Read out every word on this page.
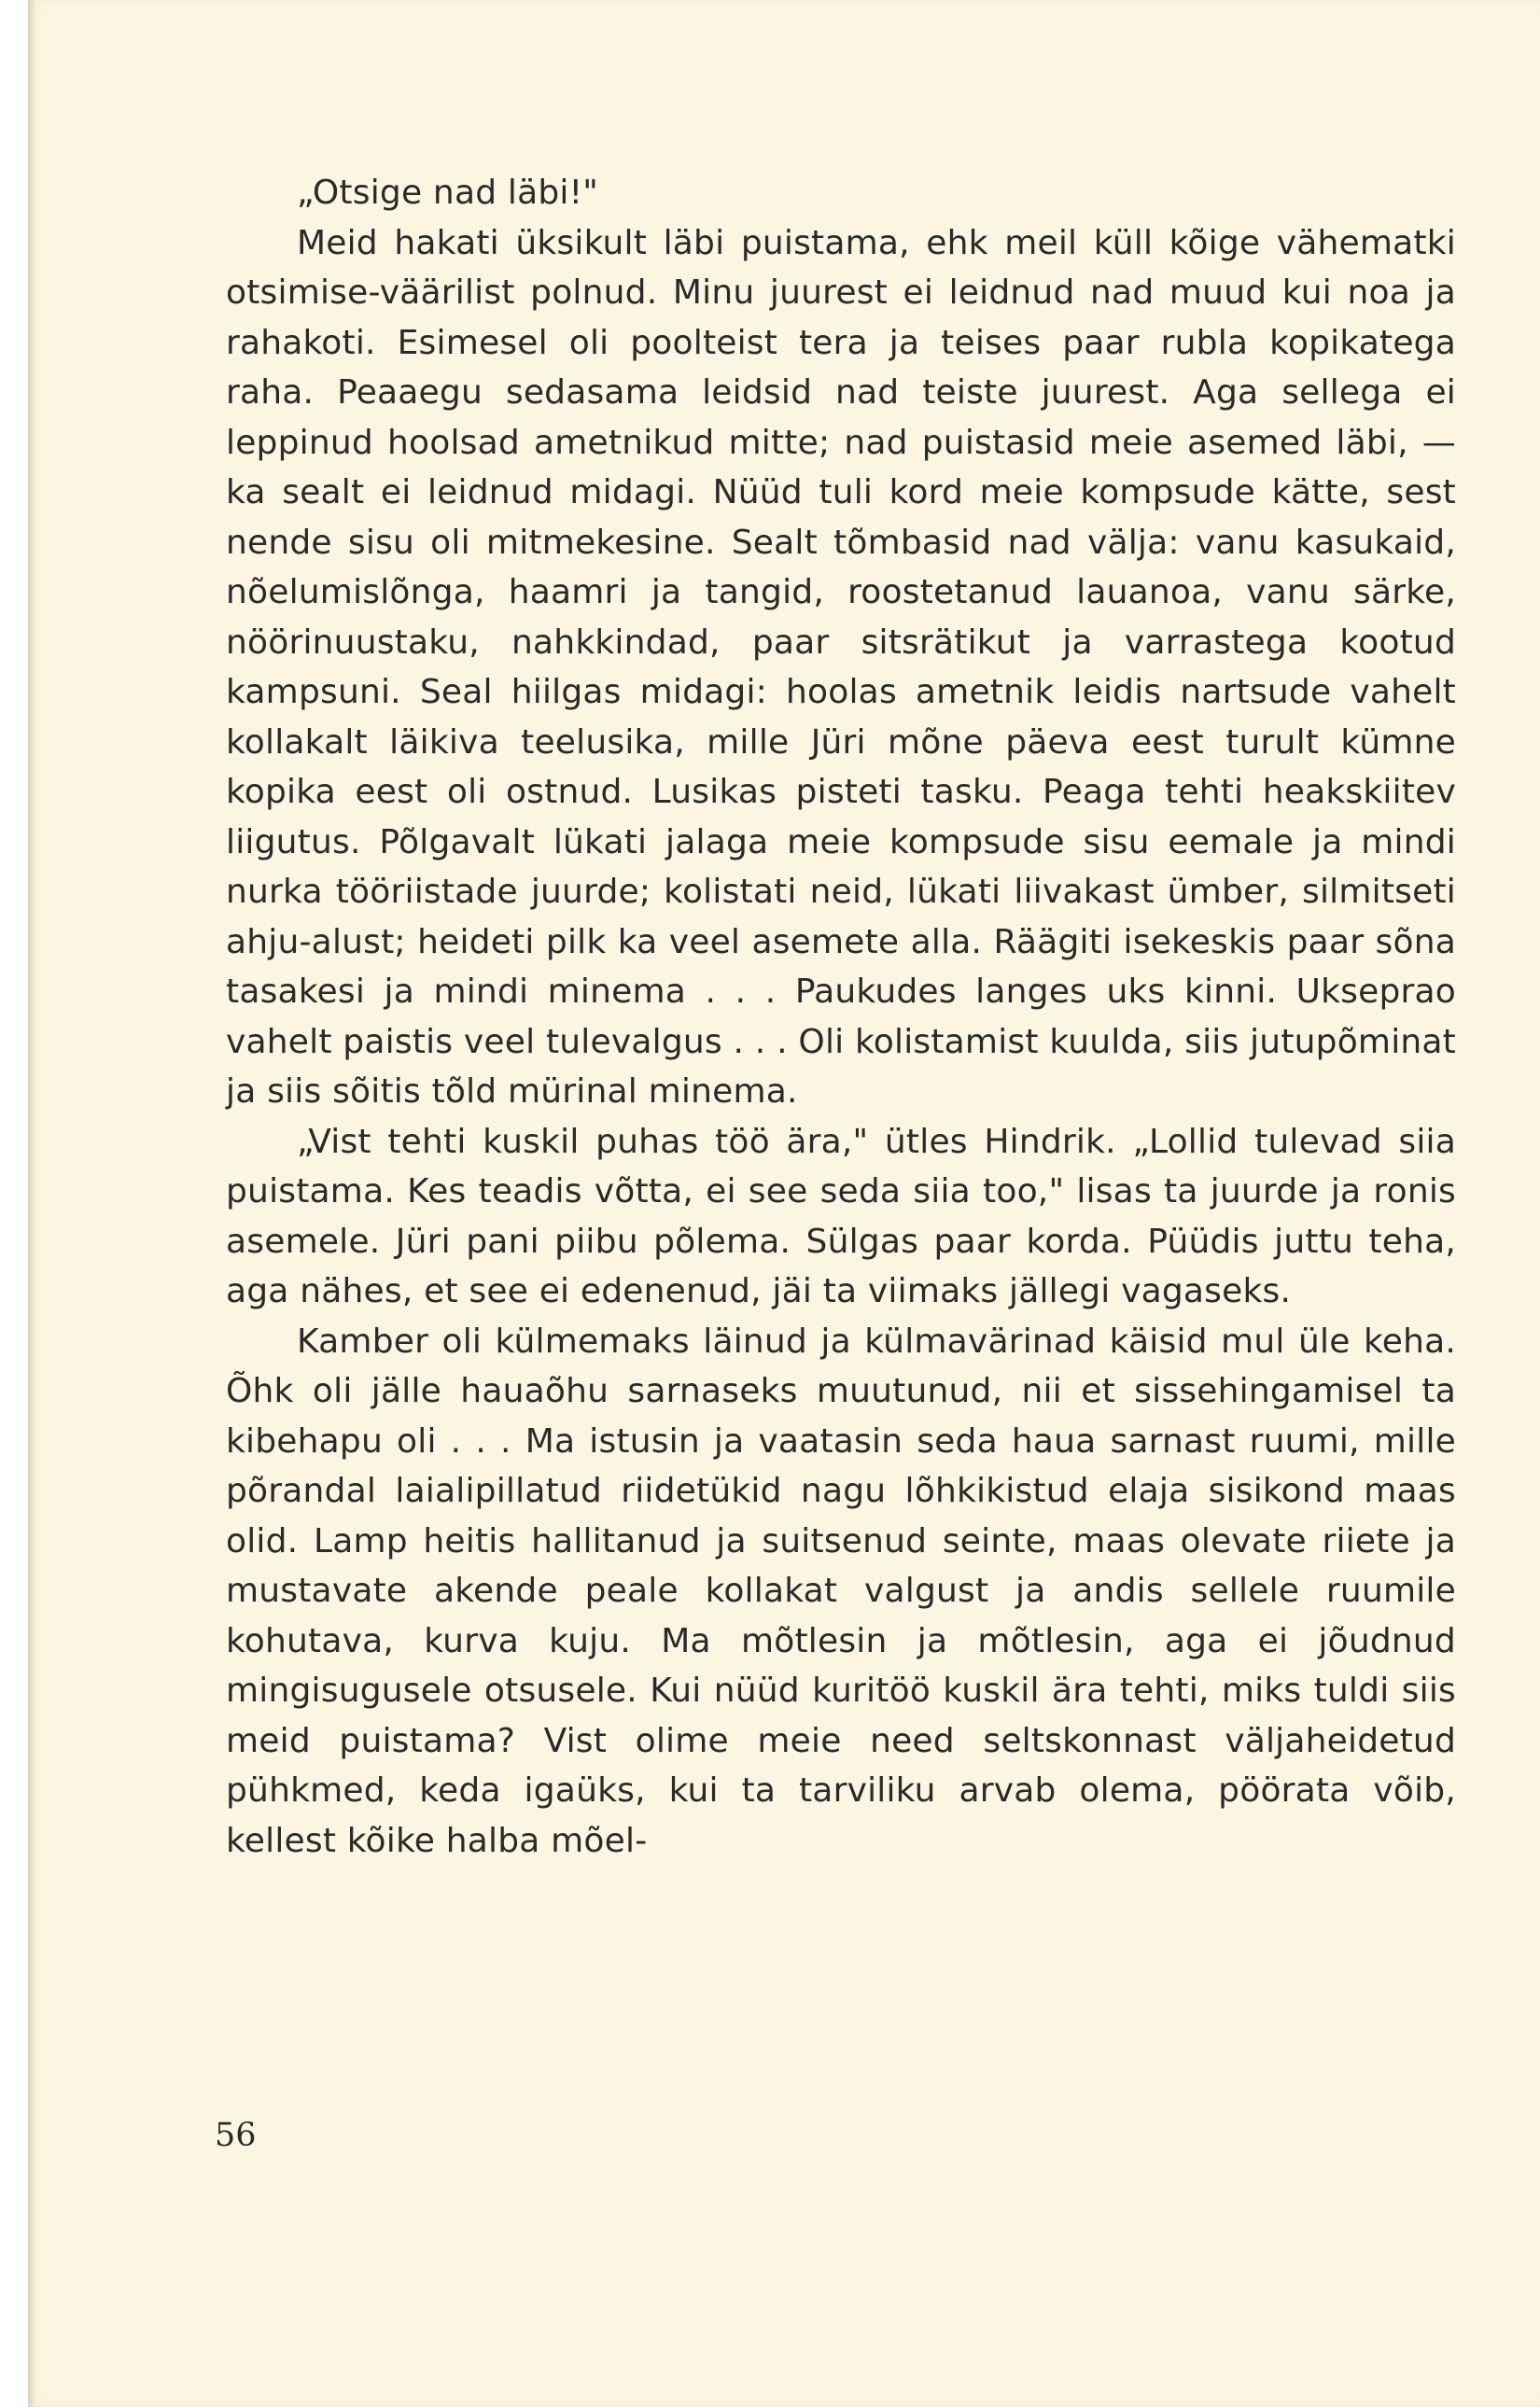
„Otsige nad läbi!"

Meid hakati üksikult läbi puistama, ehk meil küll kõige vähematki otsimise-väärilist polnud. Minu juurest ei leidnud nad muud kui noa ja rahakoti. Esimesel oli poolteist tera ja teises paar rubla kopikatega raha. Peaaegu sedasama leidsid nad teiste juurest. Aga sellega ei leppinud hoolsad ametnikud mitte; nad puistasid meie asemed läbi, — ka sealt ei leidnud midagi. Nüüd tuli kord meie kompsude kätte, sest nende sisu oli mitmekesine. Sealt tõmbasid nad välja: vanu kasukaid, nõelumislõnga, haamri ja tangid, roostetanud lauanoa, vanu särke, nöörinuustaku, nahkkindad, paar sitsrätikut ja varrastega kootud kampsuni. Seal hiilgas midagi: hoolas ametnik leidis nartsude vahelt kollakalt läikiva teelusika, mille Jüri mõne päeva eest turult kümne kopika eest oli ostnud. Lusikas pisteti tasku. Peaga tehti heakskiitev liigutus. Põlgavalt lükati jalaga meie kompsude sisu eemale ja mindi nurka tööriistade juurde; kolistati neid, lükati liivakast ümber, silmitseti ahju-alust; heideti pilk ka veel asemete alla. Räägiti isekeskis paar sõna tasakesi ja mindi minema . . . Paukudes langes uks kinni. Ukseprao vahelt paistis veel tulevalgus . . . Oli kolistamist kuulda, siis jutupõminat ja siis sõitis tõld mürinal minema.

„Vist tehti kuskil puhas töö ära," ütles Hindrik. „Lollid tulevad siia puistama. Kes teadis võtta, ei see seda siia too," lisas ta juurde ja ronis asemele. Jüri pani piibu põlema. Sülgas paar korda. Püüdis juttu teha, aga nähes, et see ei edenenud, jäi ta viimaks jällegi vagaseks.

Kamber oli külmemaks läinud ja külmavärinad käisid mul üle keha. Õhk oli jälle hauaõhu sarnaseks muutunud, nii et sissehingamisel ta kibehapu oli . . . Ma istusin ja vaatasin seda haua sarnast ruumi, mille põrandal laialipillatud riidetükid nagu lõhkikistud elaja sisikond maas olid. Lamp heitis hallitanud ja suitsenud seinte, maas olevate riiete ja mustavate akende peale kollakat valgust ja andis sellele ruumile kohutava, kurva kuju. Ma mõtlesin ja mõtlesin, aga ei jõudnud mingisugusele otsusele. Kui nüüd kuritöö kuskil ära tehti, miks tuldi siis meid puistama? Vist olime meie need seltskonnast väljaheidetud pühkmed, keda igaüks, kui ta tarviliku arvab olema, pöörata võib, kellest kõike halba mõel-

56
